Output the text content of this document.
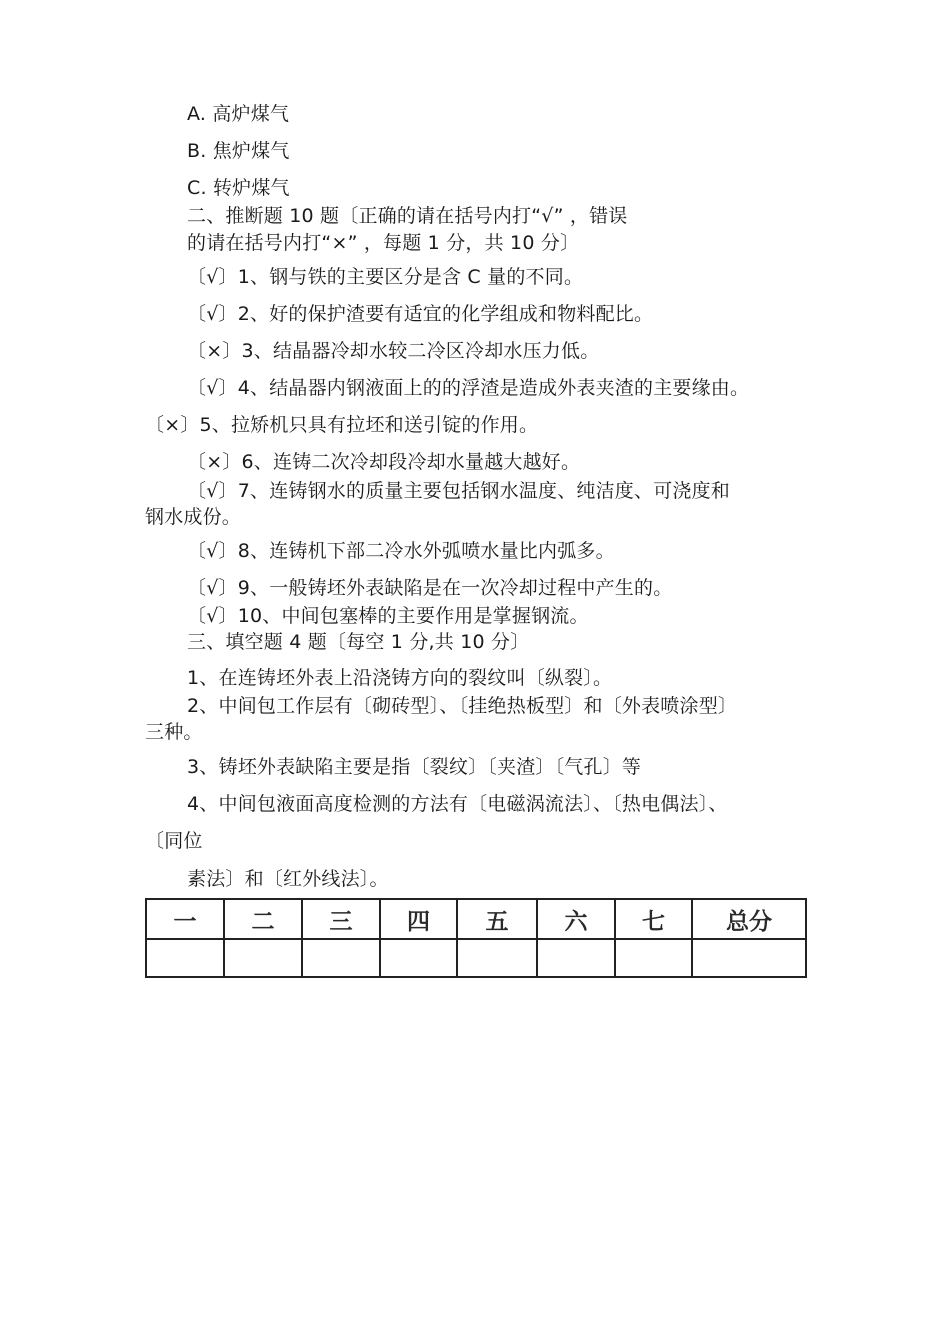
A. 高炉煤气
B. 焦炉煤气
C. 转炉煤气
二、推断题 10 题〔正确的请在括号内打“√” ，错误
的请在括号内打“×” ，每题 1 分，共 10 分〕
〔√〕1、钢与铁的主要区分是含 C 量的不同。
〔√〕2、好的保护渣要有适宜的化学组成和物料配比。
〔×〕3、结晶器冷却水较二冷区冷却水压力低。
〔√〕4、结晶器内钢液面上的的浮渣是造成外表夹渣的主要缘由。
〔×〕5、拉矫机只具有拉坯和送引锭的作用。
〔×〕6、连铸二次冷却段冷却水量越大越好。
〔√〕7、连铸钢水的质量主要包括钢水温度、纯洁度、可浇度和
钢水成份。
〔√〕8、连铸机下部二冷水外弧喷水量比内弧多。
〔√〕9、一般铸坯外表缺陷是在一次冷却过程中产生的。
〔√〕10、中间包塞棒的主要作用是掌握钢流。
三、填空题 4 题〔每空 1 分,共 10 分〕
1、在连铸坯外表上沿浇铸方向的裂纹叫〔纵裂〕。
2、中间包工作层有〔砌砖型〕、〔挂绝热板型〕和〔外表喷涂型〕
三种。
3、铸坯外表缺陷主要是指〔裂纹〕〔夹渣〕〔气孔〕等
4、中间包液面高度检测的方法有〔电磁涡流法〕、〔热电偶法〕、
〔同位
素法〕和〔红外线法〕。
一	二	三	四	五	六	七	总分
